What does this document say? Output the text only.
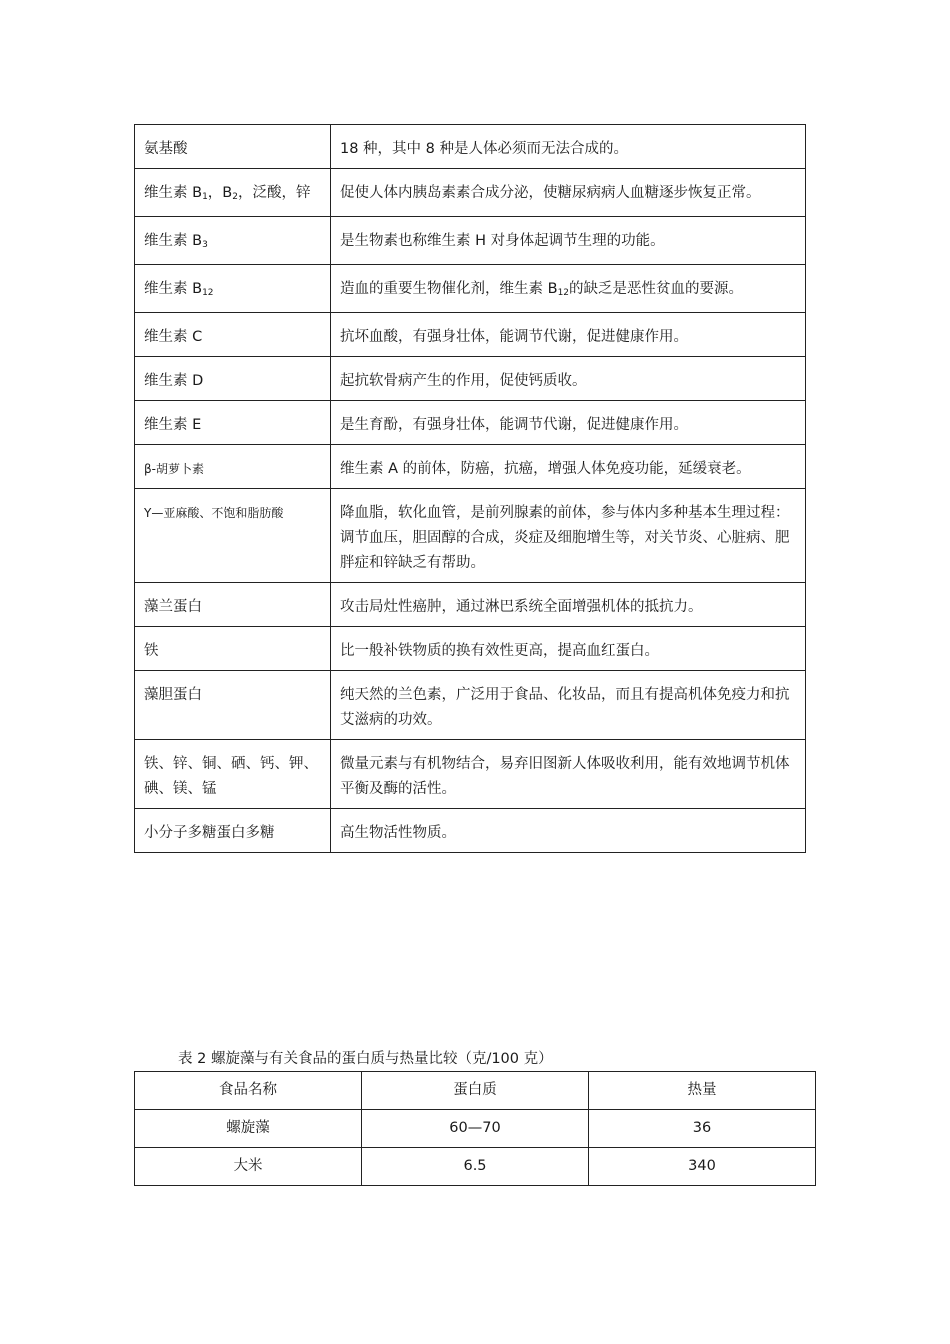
氨基酸	18 种，其中 8 种是人体必须而无法合成的。
维生素 $B_1$，$B_2$，泛酸，锌	促使人体内胰岛素素合成分泌，使糖尿病病人血糖逐步恢复正常。
维生素 $B_3$	是生物素也称维生素 H 对身体起调节生理的功能。
维生素 $B_{12}$	造血的重要生物催化剂，维生素 $B_{12}$的缺乏是恶性贫血的要源。
维生素 C	抗坏血酸，有强身壮体，能调节代谢，促进健康作用。
维生素 D	起抗软骨病产生的作用，促使钙质收。
维生素 E	是生育酚，有强身壮体，能调节代谢，促进健康作用。
β-胡萝卜素	维生素 A 的前体，防癌，抗癌，增强人体免疫功能，延缓衰老。
Y—亚麻酸、不饱和脂肪酸	降血脂，软化血管，是前列腺素的前体，参与体内多种基本生理过程：调节血压，胆固醇的合成，炎症及细胞增生等，对关节炎、心脏病、肥胖症和锌缺乏有帮助。
藻兰蛋白	攻击局灶性癌肿，通过淋巴系统全面增强机体的抵抗力。
铁	比一般补铁物质的换有效性更高，提高血红蛋白。
藻胆蛋白	纯天然的兰色素，广泛用于食品、化妆品，而且有提高机体免疫力和抗艾滋病的功效。
铁、锌、铜、硒、钙、钾、碘、镁、锰	微量元素与有机物结合，易弃旧图新人体吸收利用，能有效地调节机体平衡及酶的活性。
小分子多糖蛋白多糖	高生物活性物质。
表 2 螺旋藻与有关食品的蛋白质与热量比较（克/100 克）
食品名称	蛋白质	热量
螺旋藻	60—70	36
大米	6.5	340
